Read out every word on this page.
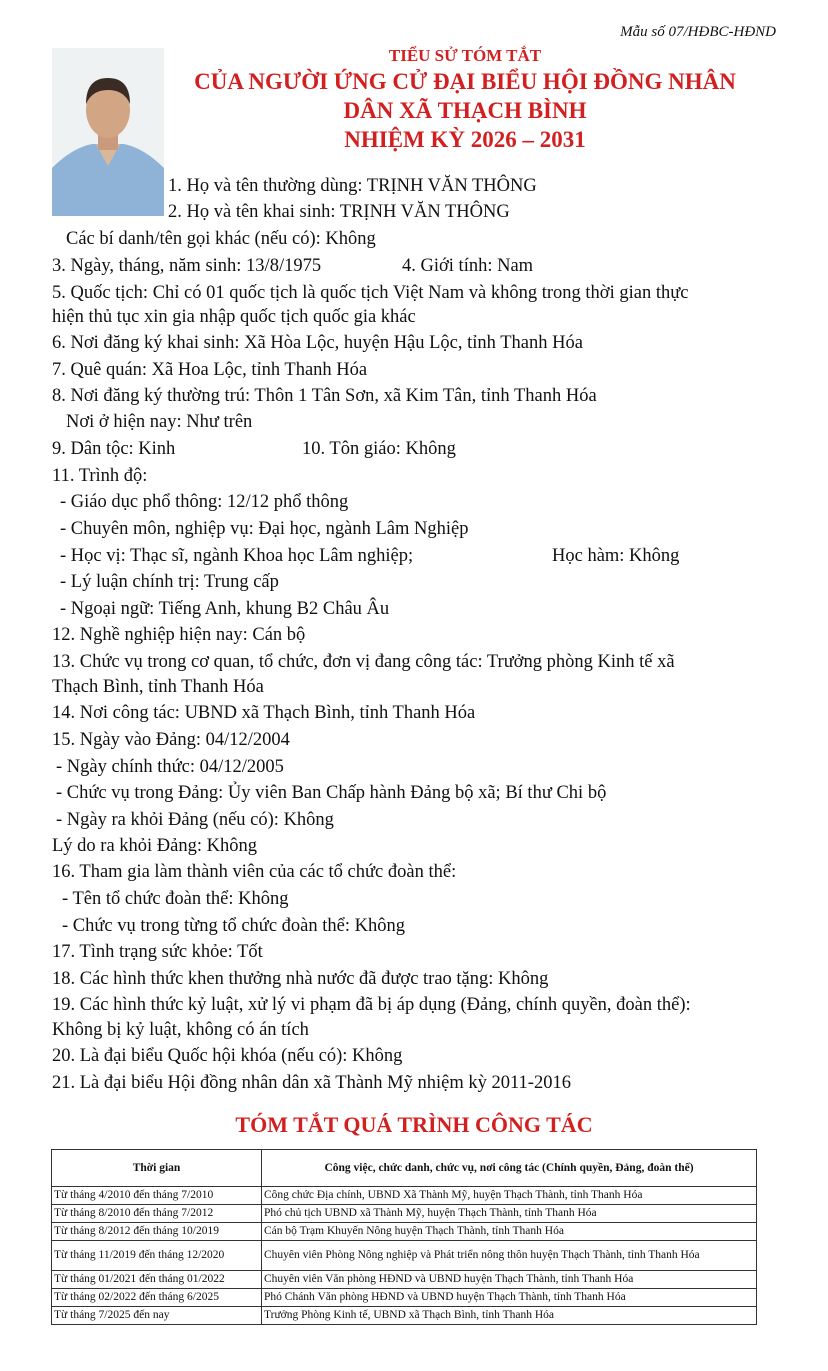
Mẫu số 07/HĐBC-HĐND
TIỂU SỬ TÓM TẮT
CỦA NGƯỜI ỨNG CỬ ĐẠI BIỂU HỘI ĐỒNG NHÂN
DÂN XÃ THẠCH BÌNH
NHIỆM KỲ 2026 – 2031
1. Họ và tên thường dùng: TRỊNH VĂN THÔNG
2. Họ và tên khai sinh: TRỊNH VĂN THÔNG
Các bí danh/tên gọi khác (nếu có): Không
3. Ngày, tháng, năm sinh: 13/8/1975	4. Giới tính: Nam
5. Quốc tịch: Chỉ có 01 quốc tịch là quốc tịch Việt Nam và không trong thời gian thực
hiện thủ tục xin gia nhập quốc tịch quốc gia khác
6. Nơi đăng ký khai sinh: Xã Hòa Lộc, huyện Hậu Lộc, tỉnh Thanh Hóa
7. Quê quán: Xã Hoa Lộc, tỉnh Thanh Hóa
8. Nơi đăng ký thường trú: Thôn 1 Tân Sơn, xã Kim Tân, tỉnh Thanh Hóa
Nơi ở hiện nay: Như trên
9. Dân tộc: Kinh	10. Tôn giáo: Không
11. Trình độ:
- Giáo dục phổ thông: 12/12 phổ thông
- Chuyên môn, nghiệp vụ: Đại học, ngành Lâm Nghiệp
- Học vị: Thạc sĩ, ngành Khoa học Lâm nghiệp;	Học hàm: Không
- Lý luận chính trị: Trung cấp
- Ngoại ngữ: Tiếng Anh, khung B2 Châu Âu
12. Nghề nghiệp hiện nay: Cán bộ
13. Chức vụ trong cơ quan, tổ chức, đơn vị đang công tác: Trưởng phòng Kinh tế xã
Thạch Bình, tỉnh Thanh Hóa
14. Nơi công tác: UBND xã Thạch Bình, tỉnh Thanh Hóa
15. Ngày vào Đảng: 04/12/2004
- Ngày chính thức: 04/12/2005
- Chức vụ trong Đảng: Ủy viên Ban Chấp hành Đảng bộ xã; Bí thư Chi bộ
- Ngày ra khỏi Đảng (nếu có): Không
Lý do ra khỏi Đảng: Không
16. Tham gia làm thành viên của các tổ chức đoàn thể:
- Tên tổ chức đoàn thể: Không
- Chức vụ trong từng tổ chức đoàn thể: Không
17. Tình trạng sức khỏe: Tốt
18. Các hình thức khen thưởng nhà nước đã được trao tặng: Không
19. Các hình thức kỷ luật, xử lý vi phạm đã bị áp dụng (Đảng, chính quyền, đoàn thể):
Không bị kỷ luật, không có án tích
20. Là đại biểu Quốc hội khóa (nếu có): Không
21. Là đại biểu Hội đồng nhân dân xã Thành Mỹ nhiệm kỳ 2011-2016
TÓM TẮT QUÁ TRÌNH CÔNG TÁC
Thời gian	Công việc, chức danh, chức vụ, nơi công tác (Chính quyền, Đảng, đoàn thể)
Từ tháng 4/2010 đến tháng 7/2010	Công chức Địa chính, UBND Xã Thành Mỹ, huyện Thạch Thành, tỉnh Thanh Hóa
Từ tháng 8/2010 đến tháng 7/2012	Phó chủ tịch UBND xã Thành Mỹ, huyện Thạch Thành, tỉnh Thanh Hóa
Từ tháng 8/2012 đến tháng 10/2019	Cán bộ Trạm Khuyến Nông huyện Thạch Thành, tỉnh Thanh Hóa
Từ tháng 11/2019 đến tháng 12/2020	Chuyên viên Phòng Nông nghiệp và Phát triển nông thôn huyện Thạch Thành, tỉnh Thanh Hóa
Từ tháng 01/2021 đến tháng 01/2022	Chuyên viên Văn phòng HĐND và UBND huyện Thạch Thành, tỉnh Thanh Hóa
Từ tháng 02/2022 đến tháng 6/2025	Phó Chánh Văn phòng HĐND và UBND huyện Thạch Thành, tỉnh Thanh Hóa
Từ tháng 7/2025 đến nay	Trưởng Phòng Kinh tế, UBND xã Thạch Bình, tỉnh Thanh Hóa
